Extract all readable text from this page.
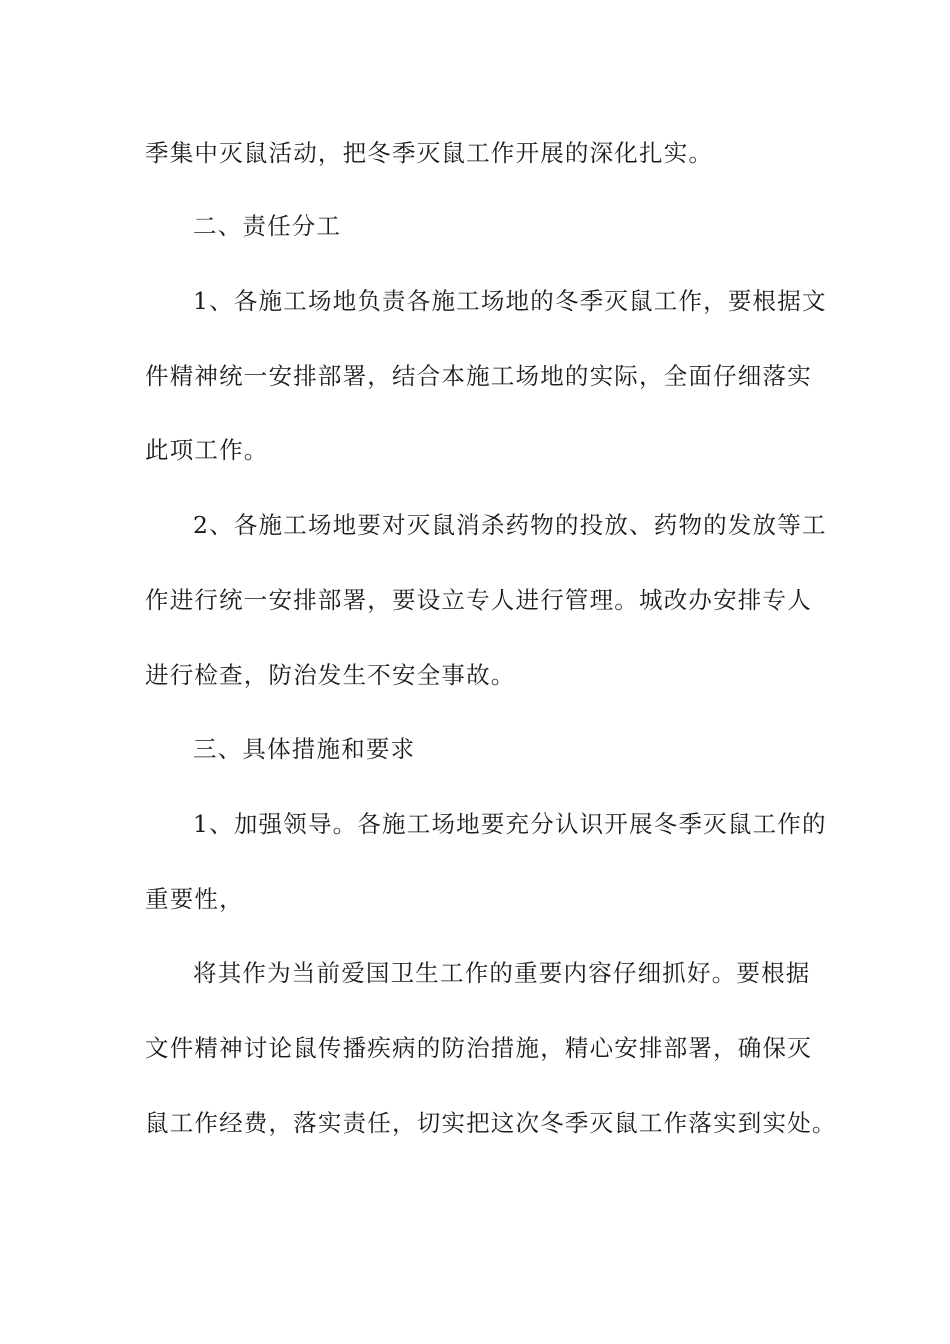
季集中灭鼠活动，把冬季灭鼠工作开展的深化扎实。

二、责任分工

1、各施工场地负责各施工场地的冬季灭鼠工作，要根据文

件精神统一安排部署，结合本施工场地的实际，全面仔细落实

此项工作。

2、各施工场地要对灭鼠消杀药物的投放、药物的发放等工

作进行统一安排部署，要设立专人进行管理。城改办安排专人

进行检查，防治发生不安全事故。

三、具体措施和要求

1、加强领导。各施工场地要充分认识开展冬季灭鼠工作的

重要性，

将其作为当前爱国卫生工作的重要内容仔细抓好。要根据

文件精神讨论鼠传播疾病的防治措施，精心安排部署，确保灭

鼠工作经费，落实责任，切实把这次冬季灭鼠工作落实到实处。
